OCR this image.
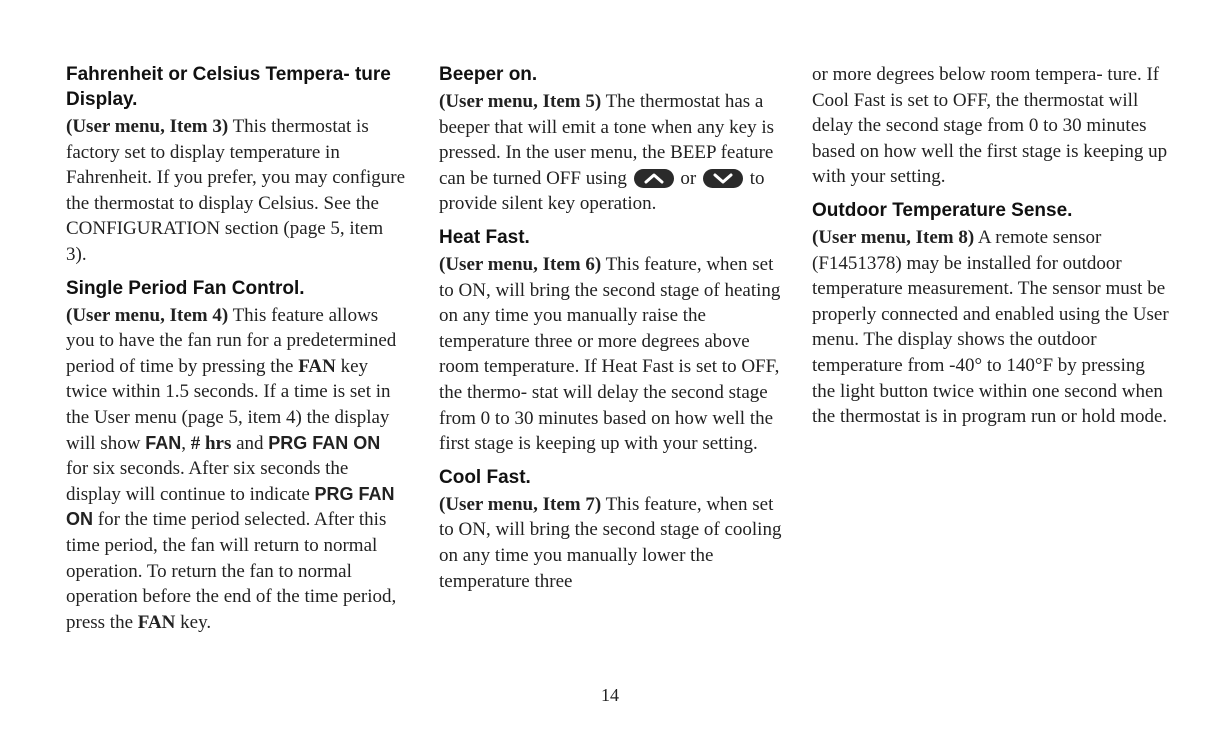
Fahrenheit or Celsius Tempera- ture Display.

(User menu, Item 3) This thermostat is factory set to display temperature in Fahrenheit. If you prefer, you may configure the thermostat to display Celsius. See the CONFIGURATION section (page 5, item 3).

Single Period Fan Control.

(User menu, Item 4) This feature allows you to have the fan run for a predetermined period of time by pressing the FAN key twice within 1.5 seconds. If a time is set in the User menu (page 5, item 4) the display will show FAN, # hrs and PRG FAN ON for six seconds. After six seconds the display will continue to indicate PRG FAN ON for the time period selected. After this time period, the fan will return to normal operation. To return the fan to normal operation before the end of the time period, press the FAN key.

Beeper on.

(User menu, Item 5) The thermostat has a beeper that will emit a tone when any key is pressed. In the user menu, the BEEP feature can be turned OFF using
or
to provide silent key operation.

Heat Fast.

(User menu, Item 6) This feature, when set to ON, will bring the second stage of heating on any time you manually raise the temperature three or more degrees above room temperature. If Heat Fast is set to OFF, the thermo- stat will delay the second stage from 0 to 30 minutes based on how well the first stage is keeping up with your setting.

Cool Fast.

(User menu, Item 7) This feature, when set to ON, will bring the second stage of cooling on any time you manually lower the temperature three

or more degrees below room tempera- ture. If Cool Fast is set to OFF, the thermostat will delay the second stage from 0 to 30 minutes based on how well the first stage is keeping up with your setting.

Outdoor Temperature Sense.

(User menu, Item 8) A remote sensor (F1451378) may be installed for outdoor temperature measurement. The sensor must be properly connected and enabled using the User menu. The display shows the outdoor temperature from -40° to 140°F by pressing the light button twice within one second when the thermostat is in program run or hold mode.

14
